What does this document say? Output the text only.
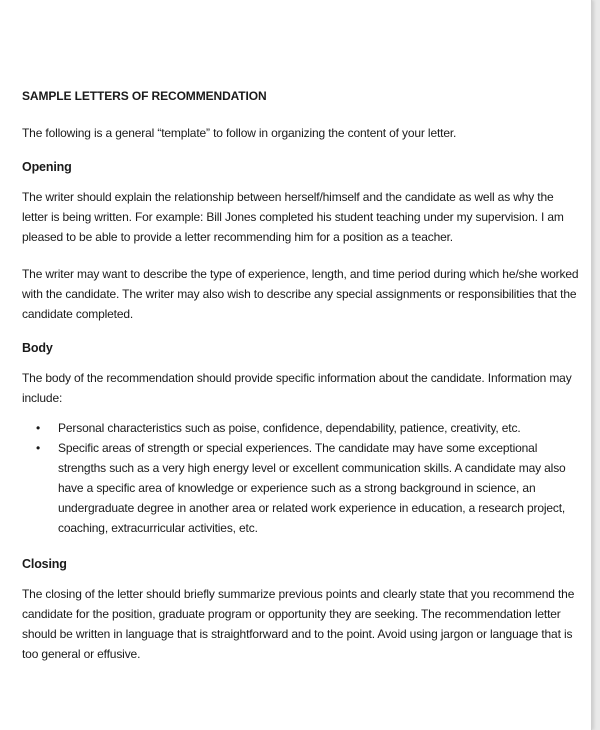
SAMPLE LETTERS OF RECOMMENDATION

The following is a general “template” to follow in organizing the content of your letter.

Opening

The writer should explain the relationship between herself/himself and the candidate as well as why the letter is being written. For example: Bill Jones completed his student teaching under my supervision. I am pleased to be able to provide a letter recommending him for a position as a teacher.

The writer may want to describe the type of experience, length, and time period during which he/she worked with the candidate. The writer may also wish to describe any special assignments or responsibilities that the candidate completed.

Body

The body of the recommendation should provide specific information about the candidate. Information may include:

• Personal characteristics such as poise, confidence, dependability, patience, creativity, etc.
• Specific areas of strength or special experiences. The candidate may have some exceptional strengths such as a very high energy level or excellent communication skills. A candidate may also have a specific area of knowledge or experience such as a strong background in science, an undergraduate degree in another area or related work experience in education, a research project, coaching, extracurricular activities, etc.

Closing

The closing of the letter should briefly summarize previous points and clearly state that you recommend the candidate for the position, graduate program or opportunity they are seeking. The recommendation letter should be written in language that is straightforward and to the point. Avoid using jargon or language that is too general or effusive.
